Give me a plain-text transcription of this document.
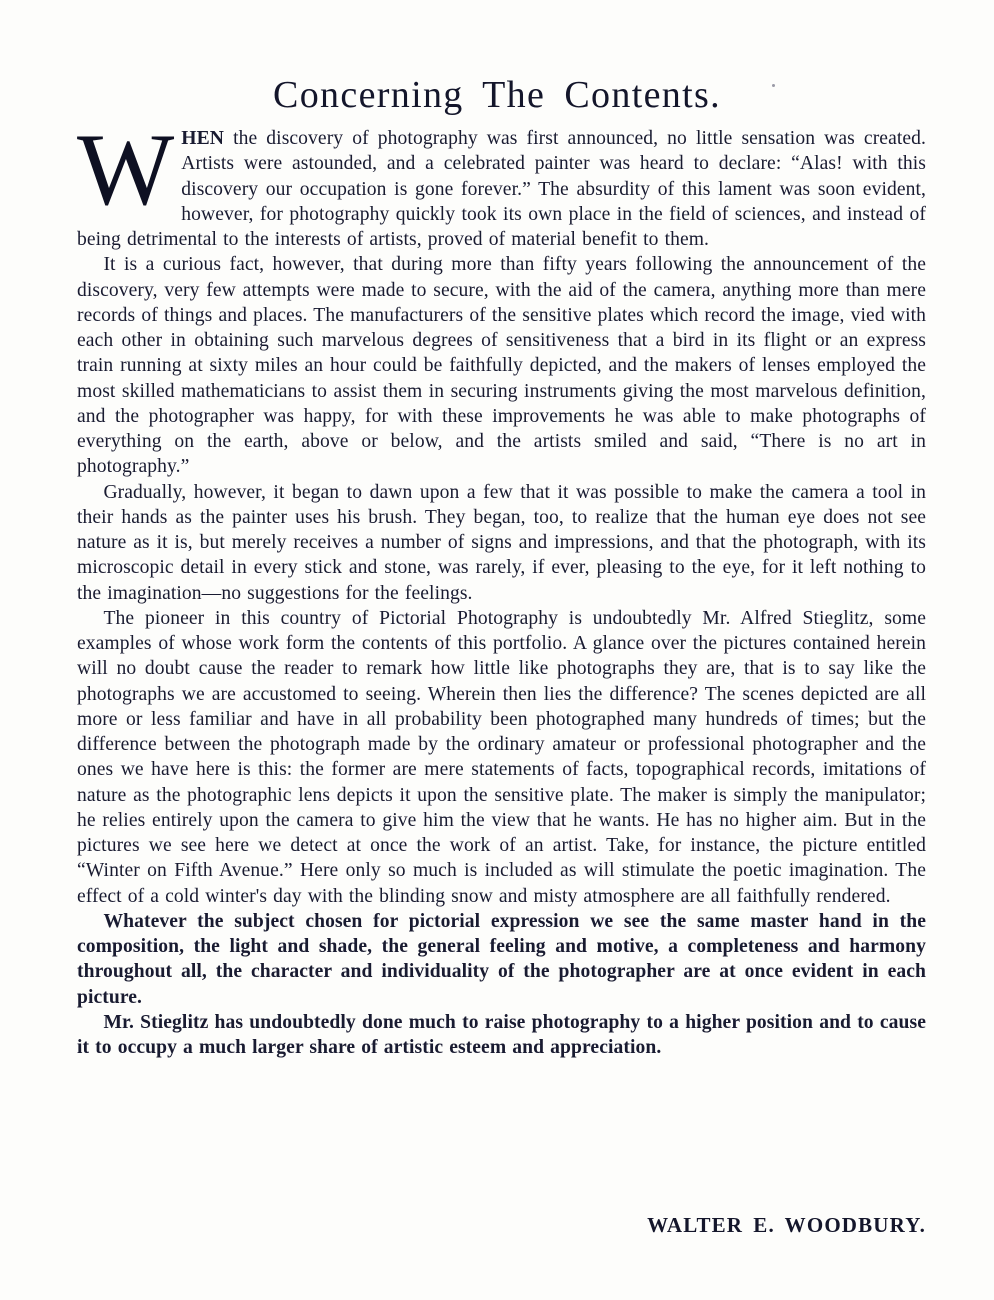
Concerning The Contents.

WHEN the discovery of photography was first announced, no little sensation was created. Artists were astounded, and a celebrated painter was heard to declare: “Alas! with this discovery our occupation is gone forever.” The absurdity of this lament was soon evident, however, for photography quickly took its own place in the field of sciences, and instead of being detrimental to the interests of artists, proved of material benefit to them.

It is a curious fact, however, that during more than fifty years following the announcement of the discovery, very few attempts were made to secure, with the aid of the camera, anything more than mere records of things and places. The manufacturers of the sensitive plates which record the image, vied with each other in obtaining such marvelous degrees of sensitiveness that a bird in its flight or an express train running at sixty miles an hour could be faithfully depicted, and the makers of lenses employed the most skilled mathematicians to assist them in securing instruments giving the most marvelous definition, and the photographer was happy, for with these improvements he was able to make photographs of everything on the earth, above or below, and the artists smiled and said, “There is no art in photography.”

Gradually, however, it began to dawn upon a few that it was possible to make the camera a tool in their hands as the painter uses his brush. They began, too, to realize that the human eye does not see nature as it is, but merely receives a number of signs and impressions, and that the photograph, with its microscopic detail in every stick and stone, was rarely, if ever, pleasing to the eye, for it left nothing to the imagination—no suggestions for the feelings.

The pioneer in this country of Pictorial Photography is undoubtedly Mr. Alfred Stieglitz, some examples of whose work form the contents of this portfolio. A glance over the pictures contained herein will no doubt cause the reader to remark how little like photographs they are, that is to say like the photographs we are accustomed to seeing. Wherein then lies the difference? The scenes depicted are all more or less familiar and have in all probability been photographed many hundreds of times; but the difference between the photograph made by the ordinary amateur or professional photographer and the ones we have here is this: the former are mere statements of facts, topographical records, imitations of nature as the photographic lens depicts it upon the sensitive plate. The maker is simply the manipulator; he relies entirely upon the camera to give him the view that he wants. He has no higher aim. But in the pictures we see here we detect at once the work of an artist. Take, for instance, the picture entitled “Winter on Fifth Avenue.” Here only so much is included as will stimulate the poetic imagination. The effect of a cold winter's day with the blinding snow and misty atmosphere are all faithfully rendered.

Whatever the subject chosen for pictorial expression we see the same master hand in the composition, the light and shade, the general feeling and motive, a completeness and harmony throughout all, the character and individuality of the photographer are at once evident in each picture.

Mr. Stieglitz has undoubtedly done much to raise photography to a higher position and to cause it to occupy a much larger share of artistic esteem and appreciation.

WALTER E. WOODBURY.
